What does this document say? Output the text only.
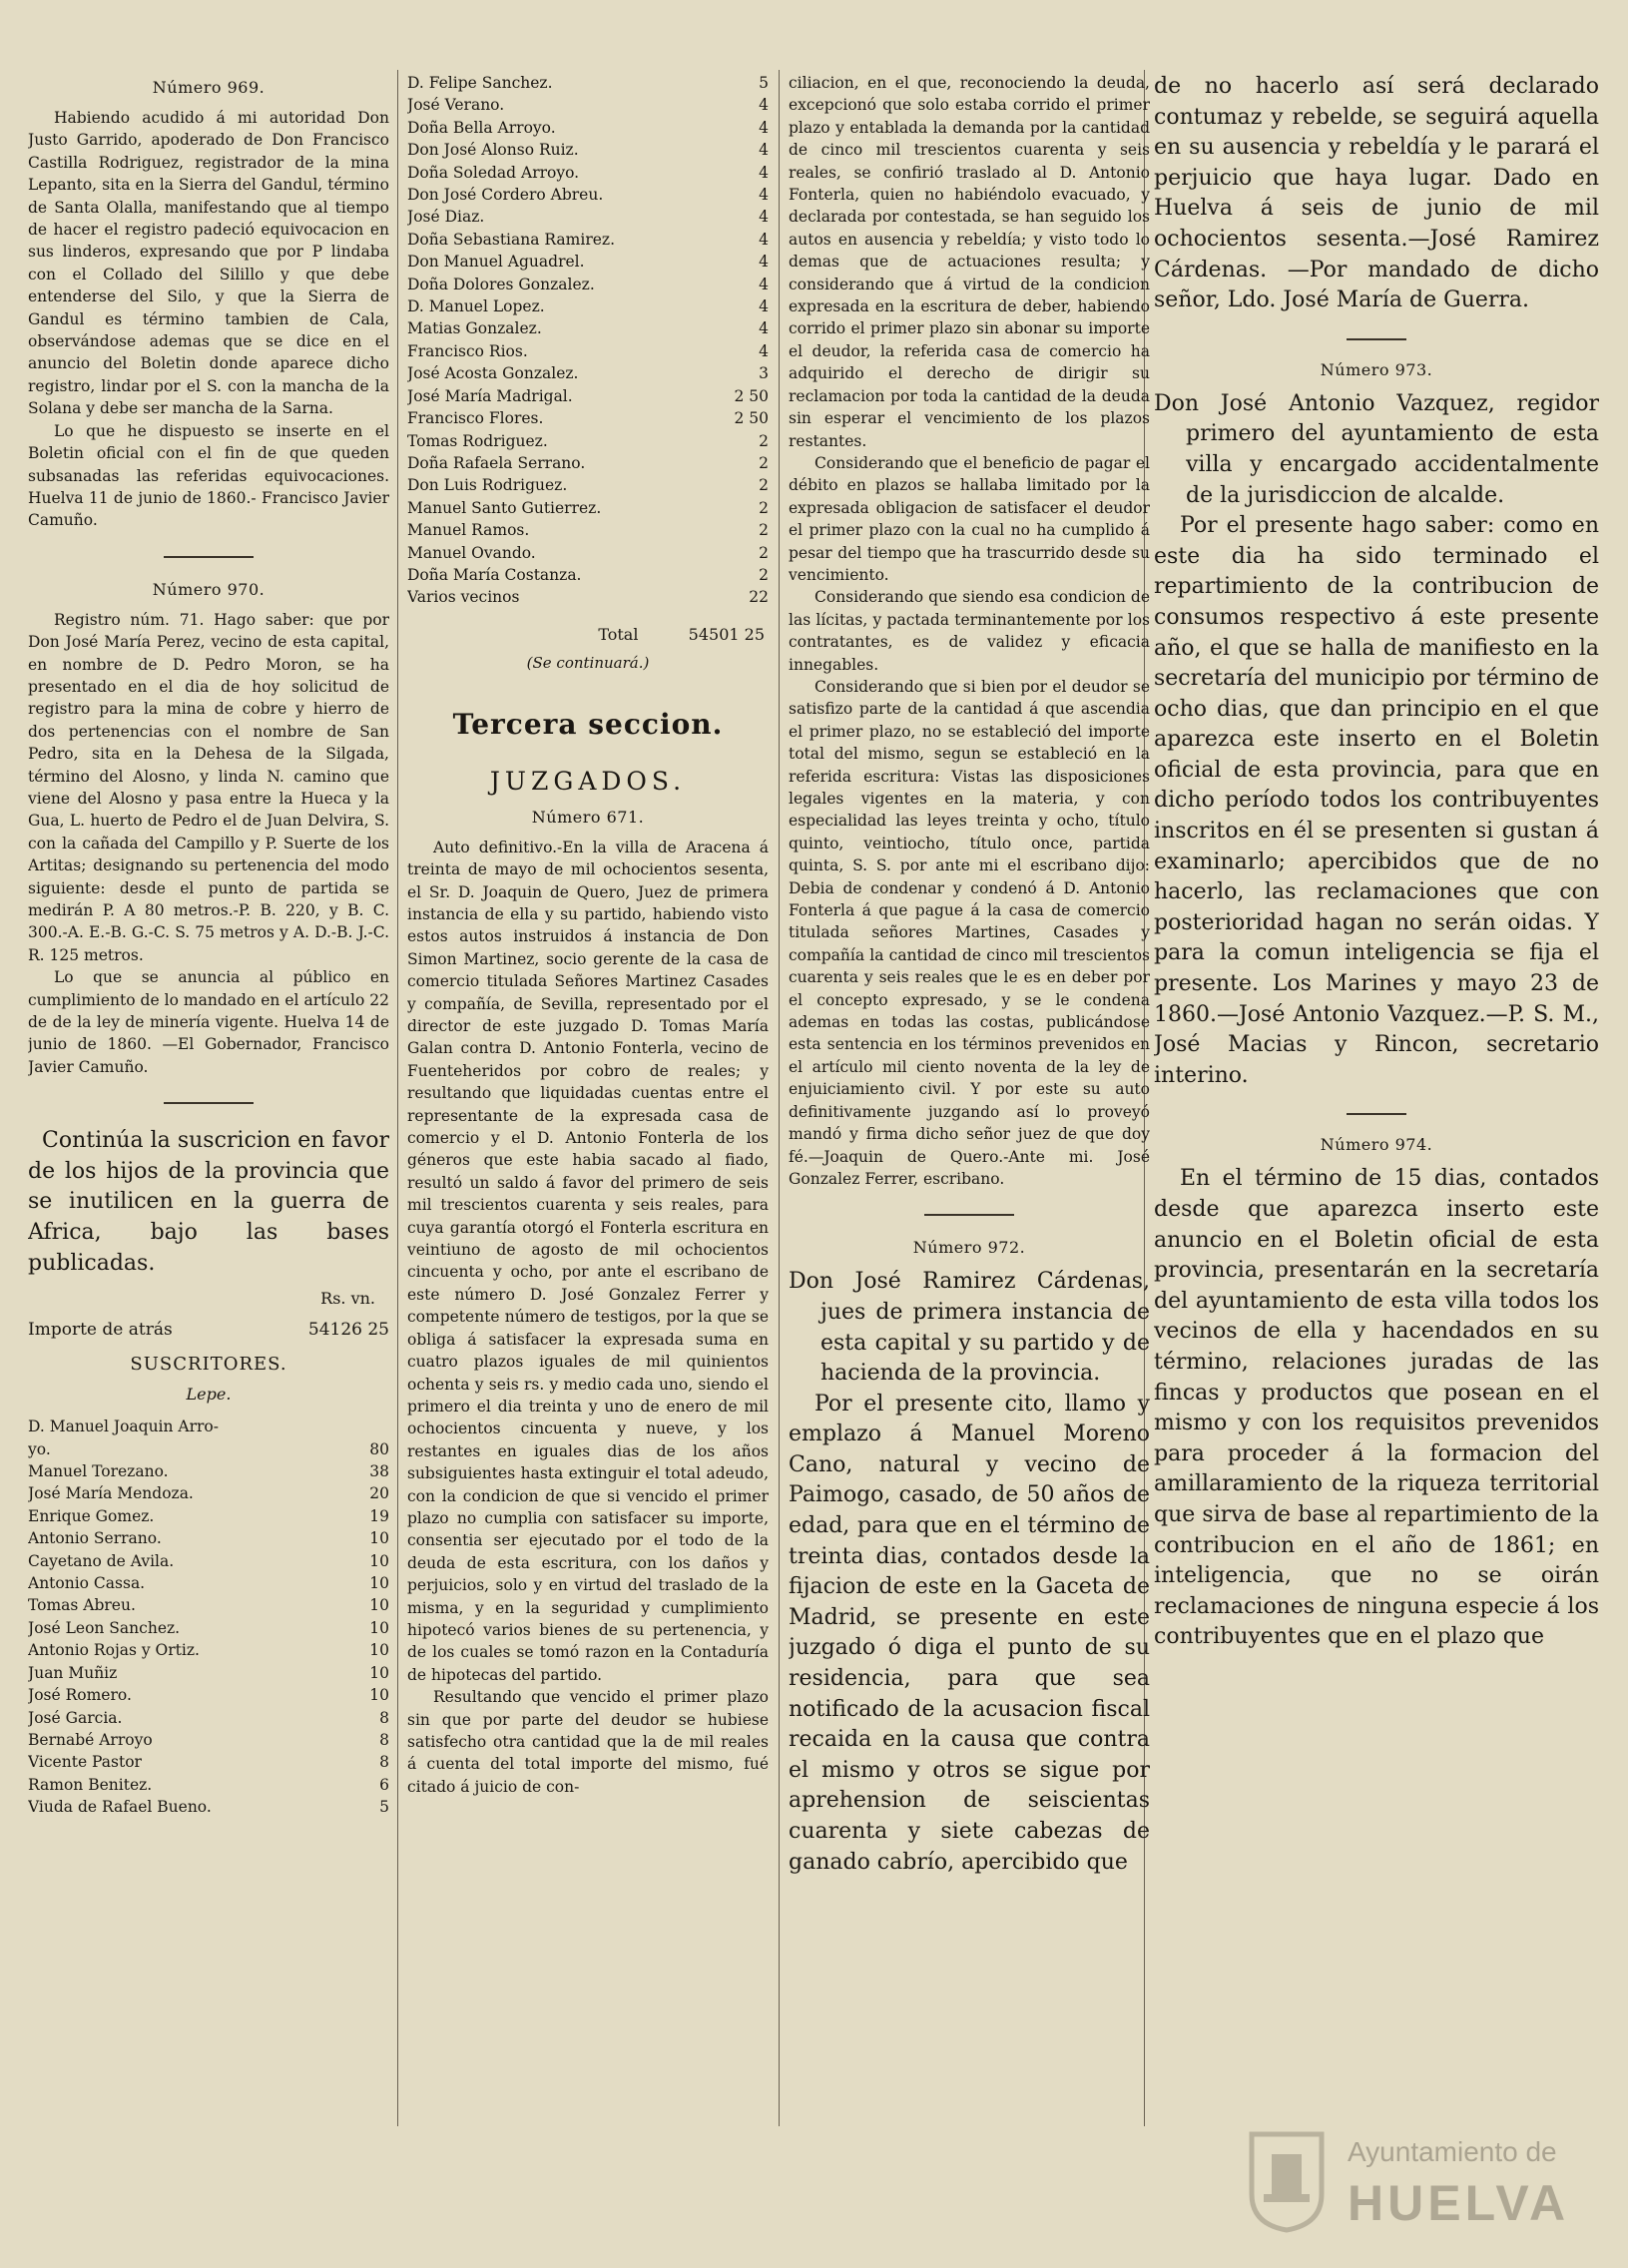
Número 969.

Habiendo acudido á mi autoridad Don Justo Garrido, apoderado de Don Francisco Castilla Rodriguez, registrador de la mina Lepanto, sita en la Sierra del Gandul, término de Santa Olalla, manifestando que al tiempo de hacer el registro padeció equivocacion en sus linderos, expresando que por P lindaba con el Collado del Silillo y que debe entenderse del Silo, y que la Sierra de Gandul es término tambien de Cala, observándose ademas que se dice en el anuncio del Boletin donde aparece dicho registro, lindar por el S. con la mancha de la Solana y debe ser mancha de la Sarna.

Lo que he dispuesto se inserte en el Boletin oficial con el fin de que queden subsanadas las referidas equivocaciones. Huelva 11 de junio de 1860.- Francisco Javier Camuño.

Número 970.

Registro núm. 71. Hago saber: que por Don José María Perez, vecino de esta capital, en nombre de D. Pedro Moron, se ha presentado en el dia de hoy solicitud de registro para la mina de cobre y hierro de dos pertenencias con el nombre de San Pedro, sita en la Dehesa de la Silgada, término del Alosno, y linda N. camino que viene del Alosno y pasa entre la Hueca y la Gua, L. huerto de Pedro el de Juan Delvira, S. con la cañada del Campillo y P. Suerte de los Artitas; designando su pertenencia del modo siguiente: desde el punto de partida se medirán P. A 80 metros.-P. B. 220, y B. C. 300.-A. E.-B. G.-C. S. 75 metros y A. D.-B. J.-C. R. 125 metros.

Lo que se anuncia al público en cumplimiento de lo mandado en el artículo 22 de de la ley de minería vigente. Huelva 14 de junio de 1860. —El Gobernador, Francisco Javier Camuño.

Continúa la suscricion en favor de los hijos de la provincia que se inutilicen en la guerra de Africa, bajo las bases publicadas.

Rs. vn.
Importe de atrás	54126 25
SUSCRITORES.
Lepe.
D. Manuel Joaquin Arro-
yo.	80
Manuel Torezano.	38
José María Mendoza.	20
Enrique Gomez.	19
Antonio Serrano.	10
Cayetano de Avila.	10
Antonio Cassa.	10
Tomas Abreu.	10
José Leon Sanchez.	10
Antonio Rojas y Ortiz.	10
Juan Muñiz	10
José Romero.	10
José Garcia.	8
Bernabé Arroyo	8
Vicente Pastor	8
Ramon Benitez.	6
Viuda de Rafael Bueno.	5
D. Felipe Sanchez.	5
José Verano.	4
Doña Bella Arroyo.	4
Don José Alonso Ruiz.	4
Doña Soledad Arroyo.	4
Don José Cordero Abreu.	4
José Diaz.	4
Doña Sebastiana Ramirez.	4
Don Manuel Aguadrel.	4
Doña Dolores Gonzalez.	4
D. Manuel Lopez.	4
Matias Gonzalez.	4
Francisco Rios.	4
José Acosta Gonzalez.	3
José María Madrigal.	2 50
Francisco Flores.	2 50
Tomas Rodriguez.	2
Doña Rafaela Serrano.	2
Don Luis Rodriguez.	2
Manuel Santo Gutierrez.	2
Manuel Ramos.	2
Manuel Ovando.	2
Doña María Costanza.	2
Varios vecinos	22
Total	54501 25
(Se continuará.)
Tercera seccion.
JUZGADOS.
Número 671.

Auto definitivo.-En la villa de Aracena á treinta de mayo de mil ochocientos sesenta, el Sr. D. Joaquin de Quero, Juez de primera instancia de ella y su partido, habiendo visto estos autos instruidos á instancia de Don Simon Martinez, socio gerente de la casa de comercio titulada Señores Martinez Casades y compañía, de Sevilla, representado por el director de este juzgado D. Tomas María Galan contra D. Antonio Fonterla, vecino de Fuenteheridos por cobro de reales; y resultando que liquidadas cuentas entre el representante de la expresada casa de comercio y el D. Antonio Fonterla de los géneros que este habia sacado al fiado, resultó un saldo á favor del primero de seis mil trescientos cuarenta y seis reales, para cuya garantía otorgó el Fonterla escritura en veintiuno de agosto de mil ochocientos cincuenta y ocho, por ante el escribano de este número D. José Gonzalez Ferrer y competente número de testigos, por la que se obliga á satisfacer la expresada suma en cuatro plazos iguales de mil quinientos ochenta y seis rs. y medio cada uno, siendo el primero el dia treinta y uno de enero de mil ochocientos cincuenta y nueve, y los restantes en iguales dias de los años subsiguientes hasta extinguir el total adeudo, con la condicion de que si vencido el primer plazo no cumplia con satisfacer su importe, consentia ser ejecutado por el todo de la deuda de esta escritura, con los daños y perjuicios, solo y en virtud del traslado de la misma, y en la seguridad y cumplimiento hipotecó varios bienes de su pertenencia, y de los cuales se tomó razon en la Contaduría de hipotecas del partido.

Resultando que vencido el primer plazo sin que por parte del deudor se hubiese satisfecho otra cantidad que la de mil reales á cuenta del total importe del mismo, fué citado á juicio de con-

ciliacion, en el que, reconociendo la deuda, excepcionó que solo estaba corrido el primer plazo y entablada la demanda por la cantidad de cinco mil trescientos cuarenta y seis reales, se confirió traslado al D. Antonio Fonterla, quien no habiéndolo evacuado, y declarada por contestada, se han seguido los autos en ausencia y rebeldía; y visto todo lo demas que de actuaciones resulta; y considerando que á virtud de la condicion expresada en la escritura de deber, habiendo corrido el primer plazo sin abonar su importe el deudor, la referida casa de comercio ha adquirido el derecho de dirigir su reclamacion por toda la cantidad de la deuda sin esperar el vencimiento de los plazos restantes.

Considerando que el beneficio de pagar el débito en plazos se hallaba limitado por la expresada obligacion de satisfacer el deudor el primer plazo con la cual no ha cumplido á pesar del tiempo que ha trascurrido desde su vencimiento.

Considerando que siendo esa condicion de las lícitas, y pactada terminantemente por los contratantes, es de validez y eficacia innegables.

Considerando que si bien por el deudor se satisfizo parte de la cantidad á que ascendia el primer plazo, no se estableció del importe total del mismo, segun se estableció en la referida escritura: Vistas las disposiciones legales vigentes en la materia, y con especialidad las leyes treinta y ocho, título quinto, veintiocho, título once, partida quinta, S. S. por ante mi el escribano dijo: Debia de condenar y condenó á D. Antonio Fonterla á que pague á la casa de comercio titulada señores Martines, Casades y compañía la cantidad de cinco mil trescientos cuarenta y seis reales que le es en deber por el concepto expresado, y se le condena ademas en todas las costas, publicándose esta sentencia en los términos prevenidos en el artículo mil ciento noventa de la ley de enjuiciamiento civil. Y por este su auto definitivamente juzgando así lo proveyó mandó y firma dicho señor juez de que doy fé.—Joaquin de Quero.-Ante mi. José Gonzalez Ferrer, escribano.

Número 972.

Don José Ramirez Cárdenas, jues de primera instancia de esta capital y su partido y de hacienda de la provincia.

Por el presente cito, llamo y emplazo á Manuel Moreno Cano, natural y vecino de Paimogo, casado, de 50 años de edad, para que en el término de treinta dias, contados desde la fijacion de este en la Gaceta de Madrid, se presente en este juzgado ó diga el punto de su residencia, para que sea notificado de la acusacion fiscal recaida en la causa que contra el mismo y otros se sigue por aprehension de seiscientas cuarenta y siete cabezas de ganado cabrío, apercibido que

de no hacerlo así será declarado contumaz y rebelde, se seguirá aquella en su ausencia y rebeldía y le parará el perjuicio que haya lugar. Dado en Huelva á seis de junio de mil ochocientos sesenta.—José Ramirez Cárdenas. —Por mandado de dicho señor, Ldo. José María de Guerra.

Número 973.

Don José Antonio Vazquez, regidor primero del ayuntamiento de esta villa y encargado accidentalmente de la jurisdiccion de alcalde.

Por el presente hago saber: como en este dia ha sido terminado el repartimiento de la contribucion de consumos respectivo á este presente año, el que se halla de manifiesto en la secretaría del municipio por término de ocho dias, que dan principio en el que aparezca este inserto en el Boletin oficial de esta provincia, para que en dicho período todos los contribuyentes inscritos en él se presenten si gustan á examinarlo; apercibidos que de no hacerlo, las reclamaciones que con posterioridad hagan no serán oidas. Y para la comun inteligencia se fija el presente. Los Marines y mayo 23 de 1860.—José Antonio Vazquez.—P. S. M., José Macias y Rincon, secretario interino.

Número 974.

En el término de 15 dias, contados desde que aparezca inserto este anuncio en el Boletin oficial de esta provincia, presentarán en la secretaría del ayuntamiento de esta villa todos los vecinos de ella y hacendados en su término, relaciones juradas de las fincas y productos que posean en el mismo y con los requisitos prevenidos para proceder á la formacion del amillaramiento de la riqueza territorial que sirva de base al repartimiento de la contribucion en el año de 1861; en inteligencia, que no se oirán reclamaciones de ninguna especie á los contribuyentes que en el plazo que

Ayuntamiento de
HUELVA
